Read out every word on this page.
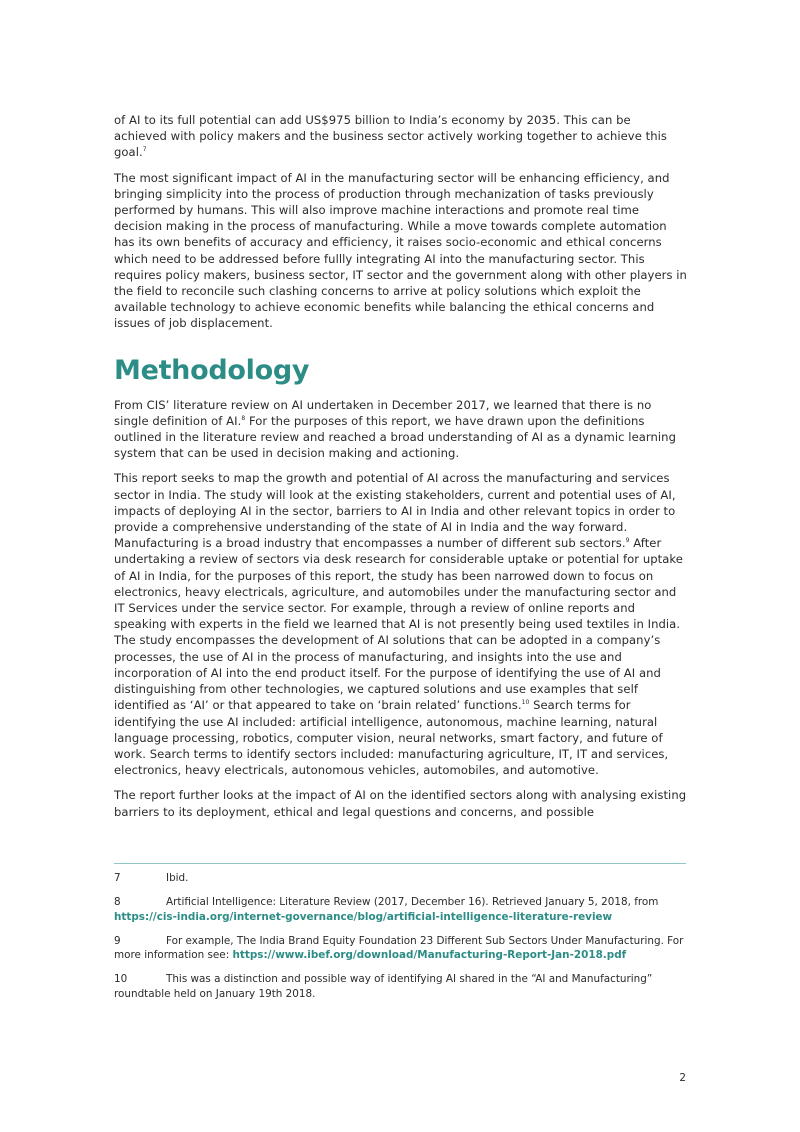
of AI to its full potential can add US$975 billion to India’s economy by 2035. This can be achieved with policy makers and the business sector actively working together to achieve this goal.$^7$

The most significant impact of AI in the manufacturing sector will be enhancing efficiency, and bringing simplicity into the process of production through mechanization of tasks previously performed by humans. This will also improve machine interactions and promote real time decision making in the process of manufacturing. While a move towards complete automation has its own benefits of accuracy and efficiency, it raises socio-economic and ethical concerns which need to be addressed before fullly integrating AI into the manufacturing sector. This requires policy makers, business sector, IT sector and the government along with other players in the field to reconcile such clashing concerns to arrive at policy solutions which exploit the available technology to achieve economic benefits while balancing the ethical concerns and issues of job displacement.

Methodology

From CIS’ literature review on AI undertaken in December 2017, we learned that there is no single definition of AI.$^8$ For the purposes of this report, we have drawn upon the definitions outlined in the literature review and reached a broad understanding of AI as a dynamic learning system that can be used in decision making and actioning.

This report seeks to map the growth and potential of AI across the manufacturing and services sector in India. The study will look at the existing stakeholders, current and potential uses of AI, impacts of deploying AI in the sector, barriers to AI in India and other relevant topics in order to provide a comprehensive understanding of the state of AI in India and the way forward. Manufacturing is a broad industry that encompasses a number of different sub sectors.$^9$ After undertaking a review of sectors via desk research for considerable uptake or potential for uptake of AI in India, for the purposes of this report, the study has been narrowed down to focus on electronics, heavy electricals, agriculture, and automobiles under the manufacturing sector and IT Services under the service sector. For example, through a review of online reports and speaking with experts in the field we learned that AI is not presently being used textiles in India. The study encompasses the development of AI solutions that can be adopted in a company’s processes, the use of AI in the process of manufacturing, and insights into the use and incorporation of AI into the end product itself. For the purpose of identifying the use of AI and distinguishing from other technologies, we captured solutions and use examples that self identified as ‘AI’ or that appeared to take on ‘brain related’ functions.$^{10}$ Search terms for identifying the use AI included: artificial intelligence, autonomous, machine learning, natural language processing, robotics, computer vision, neural networks, smart factory, and future of work. Search terms to identify sectors included: manufacturing agriculture, IT, IT and services, electronics, heavy electricals, autonomous vehicles, automobiles, and automotive.

The report further looks at the impact of AI on the identified sectors along with analysing existing barriers to its deployment, ethical and legal questions and concerns, and possible

7	Ibid.

8	Artificial Intelligence: Literature Review (2017, December 16). Retrieved January 5, 2018, from https://cis-india.org/internet-governance/blog/artificial-intelligence-literature-review

9	For example, The India Brand Equity Foundation 23 Different Sub Sectors Under Manufacturing. For more information see: https://www.ibef.org/download/Manufacturing-Report-Jan-2018.pdf

10	This was a distinction and possible way of identifying AI shared in the “AI and Manufacturing” roundtable held on January 19th 2018.

2
